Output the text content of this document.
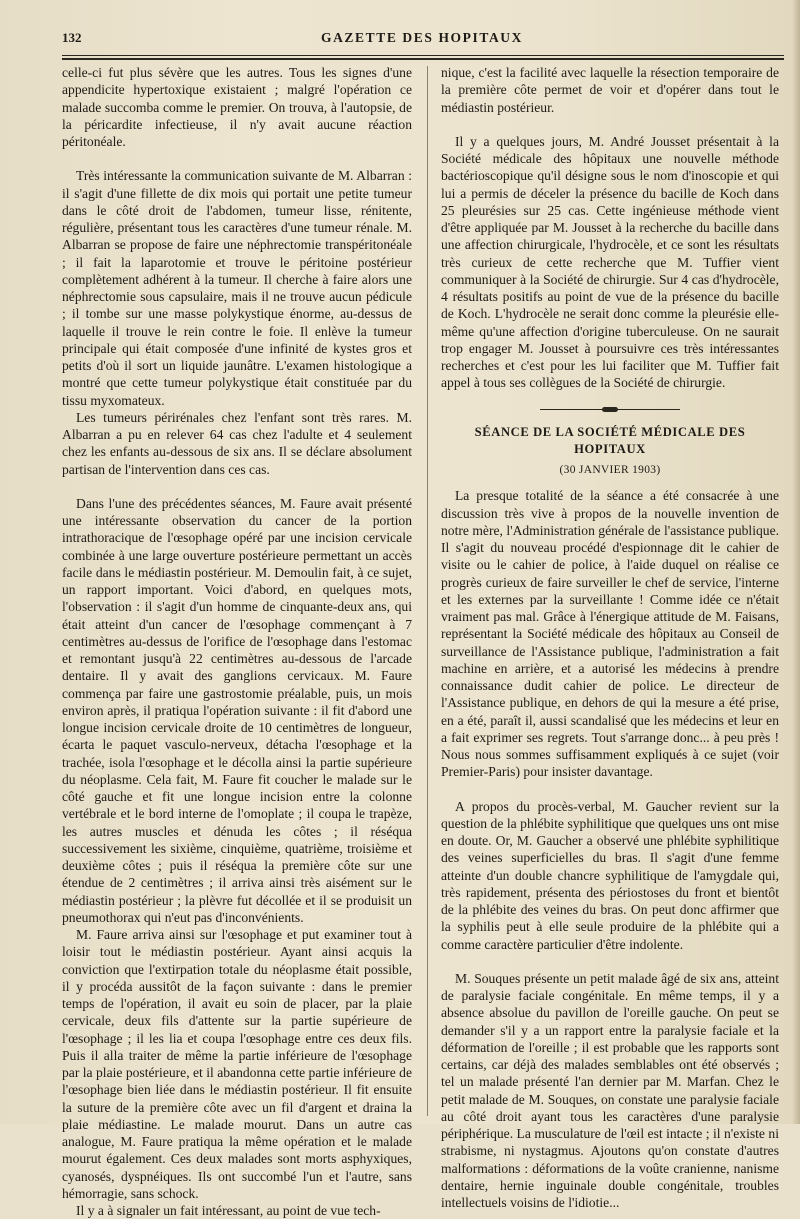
132	GAZETTE DES HOPITAUX

celle-ci fut plus sévère que les autres. Tous les signes d'une appendicite hypertoxique existaient ; malgré l'opération ce malade succomba comme le premier. On trouva, à l'autopsie, de la péricardite infectieuse, il n'y avait aucune réaction péritonéale.

Très intéressante la communication suivante de M. Albarran : il s'agit d'une fillette de dix mois qui portait une petite tumeur dans le côté droit de l'abdomen, tumeur lisse, rénitente, régulière, présentant tous les caractères d'une tumeur rénale. M. Albarran se propose de faire une néphrectomie transpéritonéale ; il fait la laparotomie et trouve le péritoine postérieur complètement adhérent à la tumeur. Il cherche à faire alors une néphrectomie sous capsulaire, mais il ne trouve aucun pédicule ; il tombe sur une masse polykystique énorme, au-dessus de laquelle il trouve le rein contre le foie. Il enlève la tumeur principale qui était composée d'une infinité de kystes gros et petits d'où il sort un liquide jaunâtre. L'examen histologique a montré que cette tumeur polykystique était constituée par du tissu myxomateux.

Les tumeurs périrénales chez l'enfant sont très rares. M. Albarran a pu en relever 64 cas chez l'adulte et 4 seulement chez les enfants au-dessous de six ans. Il se déclare absolument partisan de l'intervention dans ces cas.

Dans l'une des précédentes séances, M. Faure avait présenté une intéressante observation du cancer de la portion intrathoracique de l'œsophage opéré par une incision cervicale combinée à une large ouverture postérieure permettant un accès facile dans le médiastin postérieur. M. Demoulin fait, à ce sujet, un rapport important. Voici d'abord, en quelques mots, l'observation : il s'agit d'un homme de cinquante-deux ans, qui était atteint d'un cancer de l'œsophage commençant à 7 centimètres au-dessus de l'orifice de l'œsophage dans l'estomac et remontant jusqu'à 22 centimètres au-dessous de l'arcade dentaire. Il y avait des ganglions cervicaux. M. Faure commença par faire une gastrostomie préalable, puis, un mois environ après, il pratiqua l'opération suivante : il fit d'abord une longue incision cervicale droite de 10 centimètres de longueur, écarta le paquet vasculo-nerveux, détacha l'œsophage et la trachée, isola l'œsophage et le décolla ainsi la partie supérieure du néoplasme. Cela fait, M. Faure fit coucher le malade sur le côté gauche et fit une longue incision entre la colonne vertébrale et le bord interne de l'omoplate ; il coupa le trapèze, les autres muscles et dénuda les côtes ; il réséqua successivement les sixième, cinquième, quatrième, troisième et deuxième côtes ; puis il réséqua la première côte sur une étendue de 2 centimètres ; il arriva ainsi très aisément sur le médiastin postérieur ; la plèvre fut décollée et il se produisit un pneumothorax qui n'eut pas d'inconvénients.

M. Faure arriva ainsi sur l'œsophage et put examiner tout à loisir tout le médiastin postérieur. Ayant ainsi acquis la conviction que l'extirpation totale du néoplasme était possible, il y procéda aussitôt de la façon suivante : dans le premier temps de l'opération, il avait eu soin de placer, par la plaie cervicale, deux fils d'attente sur la partie supérieure de l'œsophage ; il les lia et coupa l'œsophage entre ces deux fils. Puis il alla traiter de même la partie inférieure de l'œsophage par la plaie postérieure, et il abandonna cette partie inférieure de l'œsophage bien liée dans le médiastin postérieur. Il fit ensuite la suture de la première côte avec un fil d'argent et draina la plaie médiastine. Le malade mourut. Dans un autre cas analogue, M. Faure pratiqua la même opération et le malade mourut également. Ces deux malades sont morts asphyxiques, cyanosés, dyspnéiques. Ils ont succombé l'un et l'autre, sans hémorragie, sans schock.

Il y a à signaler un fait intéressant, au point de vue tech-

nique, c'est la facilité avec laquelle la résection temporaire de la première côte permet de voir et d'opérer dans tout le médiastin postérieur.

Il y a quelques jours, M. André Jousset présentait à la Société médicale des hôpitaux une nouvelle méthode bactérioscopique qu'il désigne sous le nom d'inoscopie et qui lui a permis de déceler la présence du bacille de Koch dans 25 pleurésies sur 25 cas. Cette ingénieuse méthode vient d'être appliquée par M. Jousset à la recherche du bacille dans une affection chirurgicale, l'hydrocèle, et ce sont les résultats très curieux de cette recherche que M. Tuffier vient communiquer à la Société de chirurgie. Sur 4 cas d'hydrocèle, 4 résultats positifs au point de vue de la présence du bacille de Koch. L'hydrocèle ne serait donc comme la pleurésie elle-même qu'une affection d'origine tuberculeuse. On ne saurait trop engager M. Jousset à poursuivre ces très intéressantes recherches et c'est pour les lui faciliter que M. Tuffier fait appel à tous ses collègues de la Société de chirurgie.

SÉANCE DE LA SOCIÉTÉ MÉDICALE DES HOPITAUX
(30 JANVIER 1903)

La presque totalité de la séance a été consacrée à une discussion très vive à propos de la nouvelle invention de notre mère, l'Administration générale de l'assistance publique. Il s'agit du nouveau procédé d'espionnage dit le cahier de visite ou le cahier de police, à l'aide duquel on réalise ce progrès curieux de faire surveiller le chef de service, l'interne et les externes par la surveillante ! Comme idée ce n'était vraiment pas mal. Grâce à l'énergique attitude de M. Faisans, représentant la Société médicale des hôpitaux au Conseil de surveillance de l'Assistance publique, l'administration a fait machine en arrière, et a autorisé les médecins à prendre connaissance dudit cahier de police. Le directeur de l'Assistance publique, en dehors de qui la mesure a été prise, en a été, paraît il, aussi scandalisé que les médecins et leur en a fait exprimer ses regrets. Tout s'arrange donc... à peu près ! Nous nous sommes suffisamment expliqués à ce sujet (voir Premier-Paris) pour insister davantage.

A propos du procès-verbal, M. Gaucher revient sur la question de la phlébite syphilitique que quelques uns ont mise en doute. Or, M. Gaucher a observé une phlébite syphilitique des veines superficielles du bras. Il s'agit d'une femme atteinte d'un double chancre syphilitique de l'amygdale qui, très rapidement, présenta des périostoses du front et bientôt de la phlébite des veines du bras. On peut donc affirmer que la syphilis peut à elle seule produire de la phlébite qui a comme caractère particulier d'être indolente.

M. Souques présente un petit malade âgé de six ans, atteint de paralysie faciale congénitale. En même temps, il y a absence absolue du pavillon de l'oreille gauche. On peut se demander s'il y a un rapport entre la paralysie faciale et la déformation de l'oreille ; il est probable que les rapports sont certains, car déjà des malades semblables ont été observés ; tel un malade présenté l'an dernier par M. Marfan. Chez le petit malade de M. Souques, on constate une paralysie faciale au côté droit ayant tous les caractères d'une paralysie périphérique. La musculature de l'œil est intacte ; il n'existe ni strabisme, ni nystagmus. Ajoutons qu'on constate d'autres malformations : déformations de la voûte cranienne, nanisme dentaire, hernie inguinale double congénitale, troubles intellectuels voisins de l'idiotie...
